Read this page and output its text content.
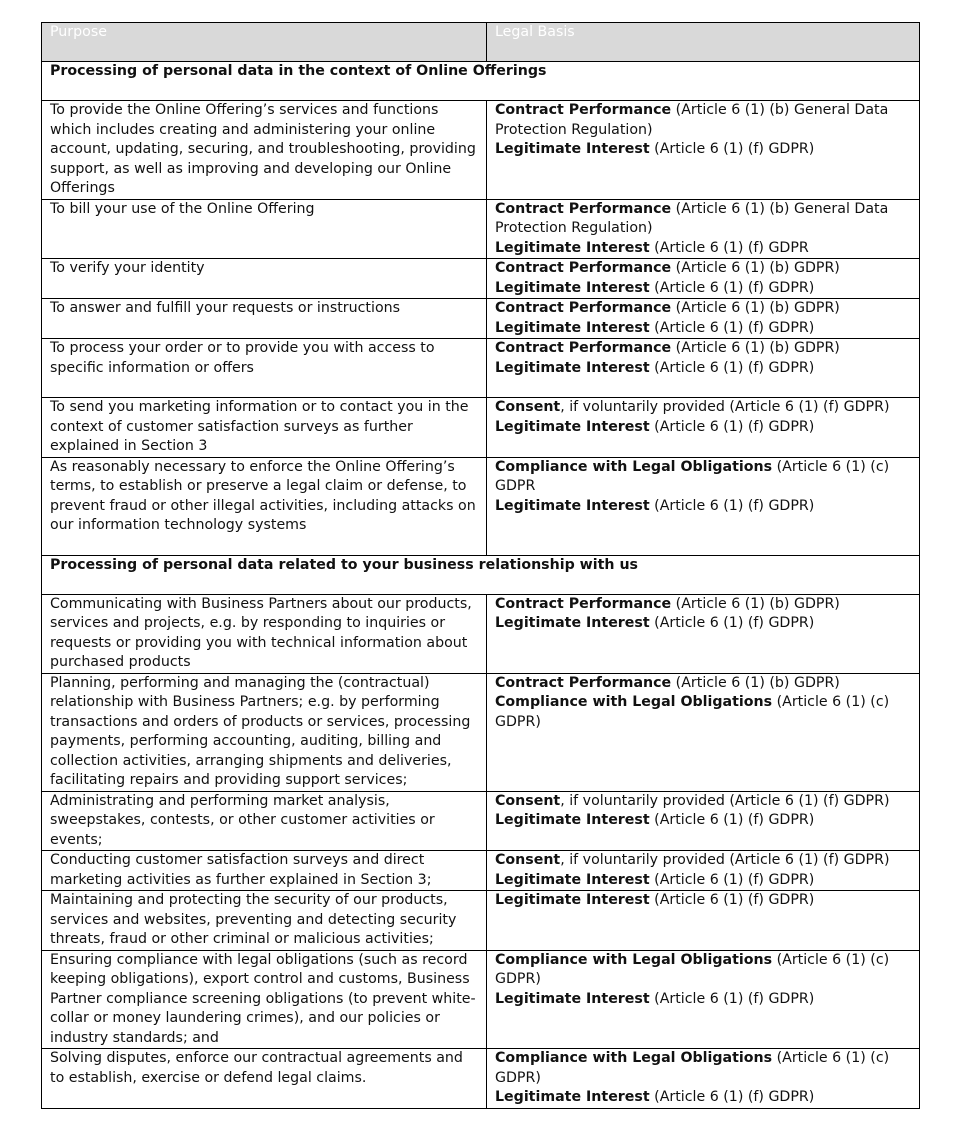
Purpose	Legal Basis
Processing of personal data in the context of Online Offerings	
To provide the Online Offering’s services and functions which includes creating and administering your online account, updating, securing, and troubleshooting, providing support, as well as improving and developing our Online Offerings	Contract Performance (Article 6 (1) (b) General Data Protection Regulation)
Legitimate Interest (Article 6 (1) (f) GDPR)

To bill your use of the Online Offering	Contract Performance (Article 6 (1) (b) General Data Protection Regulation)
Legitimate Interest (Article 6 (1) (f) GDPR

To verify your identity	Contract Performance (Article 6 (1) (b) GDPR)
Legitimate Interest (Article 6 (1) (f) GDPR)

To answer and fulfill your requests or instructions	Contract Performance (Article 6 (1) (b) GDPR)
Legitimate Interest (Article 6 (1) (f) GDPR)

To process your order or to provide you with access to specific information or offers	Contract Performance (Article 6 (1) (b) GDPR)
Legitimate Interest (Article 6 (1) (f) GDPR)

To send you marketing information or to contact you in the context of customer satisfaction surveys as further explained in Section 3	Consent, if voluntarily provided (Article 6 (1) (f) GDPR)
Legitimate Interest (Article 6 (1) (f) GDPR)

As reasonably necessary to enforce the Online Offering’s terms, to establish or preserve a legal claim or defense, to prevent fraud or other illegal activities, including attacks on our information technology systems	Compliance with Legal Obligations (Article 6 (1) (c) GDPR
Legitimate Interest (Article 6 (1) (f) GDPR)

Processing of personal data related to your business relationship with us	
Communicating with Business Partners about our products, services and projects, e.g. by responding to inquiries or requests or providing you with technical information about purchased products	Contract Performance (Article 6 (1) (b) GDPR)
Legitimate Interest (Article 6 (1) (f) GDPR)

Planning, performing and managing the (contractual) relationship with Business Partners; e.g. by performing transactions and orders of products or services, processing payments, performing accounting, auditing, billing and collection activities, arranging shipments and deliveries, facilitating repairs and providing support services;	Contract Performance (Article 6 (1) (b) GDPR)
Compliance with Legal Obligations (Article 6 (1) (c) GDPR)

Administrating and performing market analysis, sweepstakes, contests, or other customer activities or events;	Consent, if voluntarily provided (Article 6 (1) (f) GDPR)
Legitimate Interest (Article 6 (1) (f) GDPR)

Conducting customer satisfaction surveys and direct marketing activities as further explained in Section 3;	Consent, if voluntarily provided (Article 6 (1) (f) GDPR)
Legitimate Interest (Article 6 (1) (f) GDPR)

Maintaining and protecting the security of our products, services and websites, preventing and detecting security threats, fraud or other criminal or malicious activities;	Legitimate Interest (Article 6 (1) (f) GDPR)

Ensuring compliance with legal obligations (such as record keeping obligations), export control and customs, Business Partner compliance screening obligations (to prevent white-collar or money laundering crimes), and our policies or industry standards; and	Compliance with Legal Obligations (Article 6 (1) (c) GDPR)
Legitimate Interest (Article 6 (1) (f) GDPR)

Solving disputes, enforce our contractual agreements and to establish, exercise or defend legal claims.	Compliance with Legal Obligations (Article 6 (1) (c) GDPR)
Legitimate Interest (Article 6 (1) (f) GDPR)
